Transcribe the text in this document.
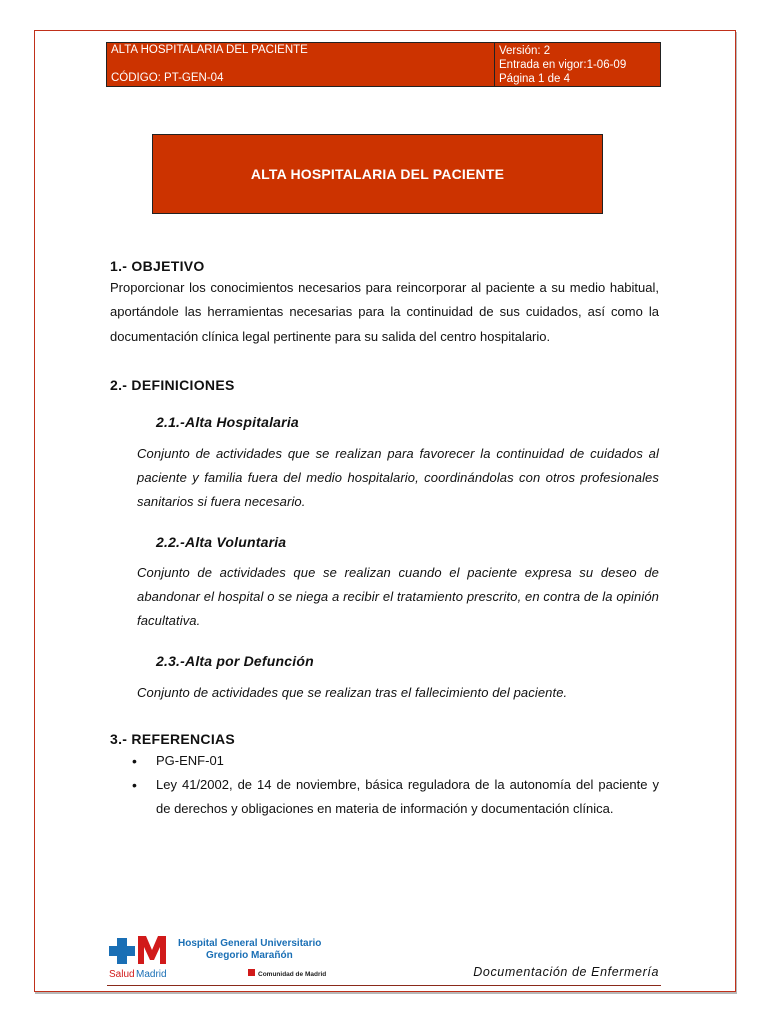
ALTA HOSPITALARIA DEL PACIENTE
CÓDIGO: PT-GEN-04
Versión: 2
Entrada en vigor:1-06-09
Página 1 de 4
ALTA HOSPITALARIA DEL PACIENTE

1.- OBJETIVO

Proporcionar los conocimientos necesarios para reincorporar al paciente a su medio habitual, aportándole las herramientas necesarias para la continuidad de sus cuidados, así como la documentación clínica legal pertinente para su salida del centro hospitalario.

2.- DEFINICIONES

2.1.-Alta Hospitalaria

Conjunto de actividades que se realizan para favorecer la continuidad de cuidados al paciente y familia fuera del medio hospitalario, coordinándolas con otros profesionales sanitarios si fuera necesario.

2.2.-Alta Voluntaria

Conjunto de actividades que se realizan cuando el paciente expresa su deseo de abandonar el hospital o se niega a recibir el tratamiento prescrito, en contra de la opinión facultativa.

2.3.-Alta por Defunción

Conjunto de actividades que se realizan tras el fallecimiento del paciente.

3.- REFERENCIAS

• PG-ENF-01
• Ley 41/2002, de 14 de noviembre, básica reguladora de la autonomía del paciente y de derechos y obligaciones en materia de información y documentación clínica.
Salud Madrid
Hospital General Universitario
Gregorio Marañón
Comunidad de Madrid	Documentación de Enfermería
